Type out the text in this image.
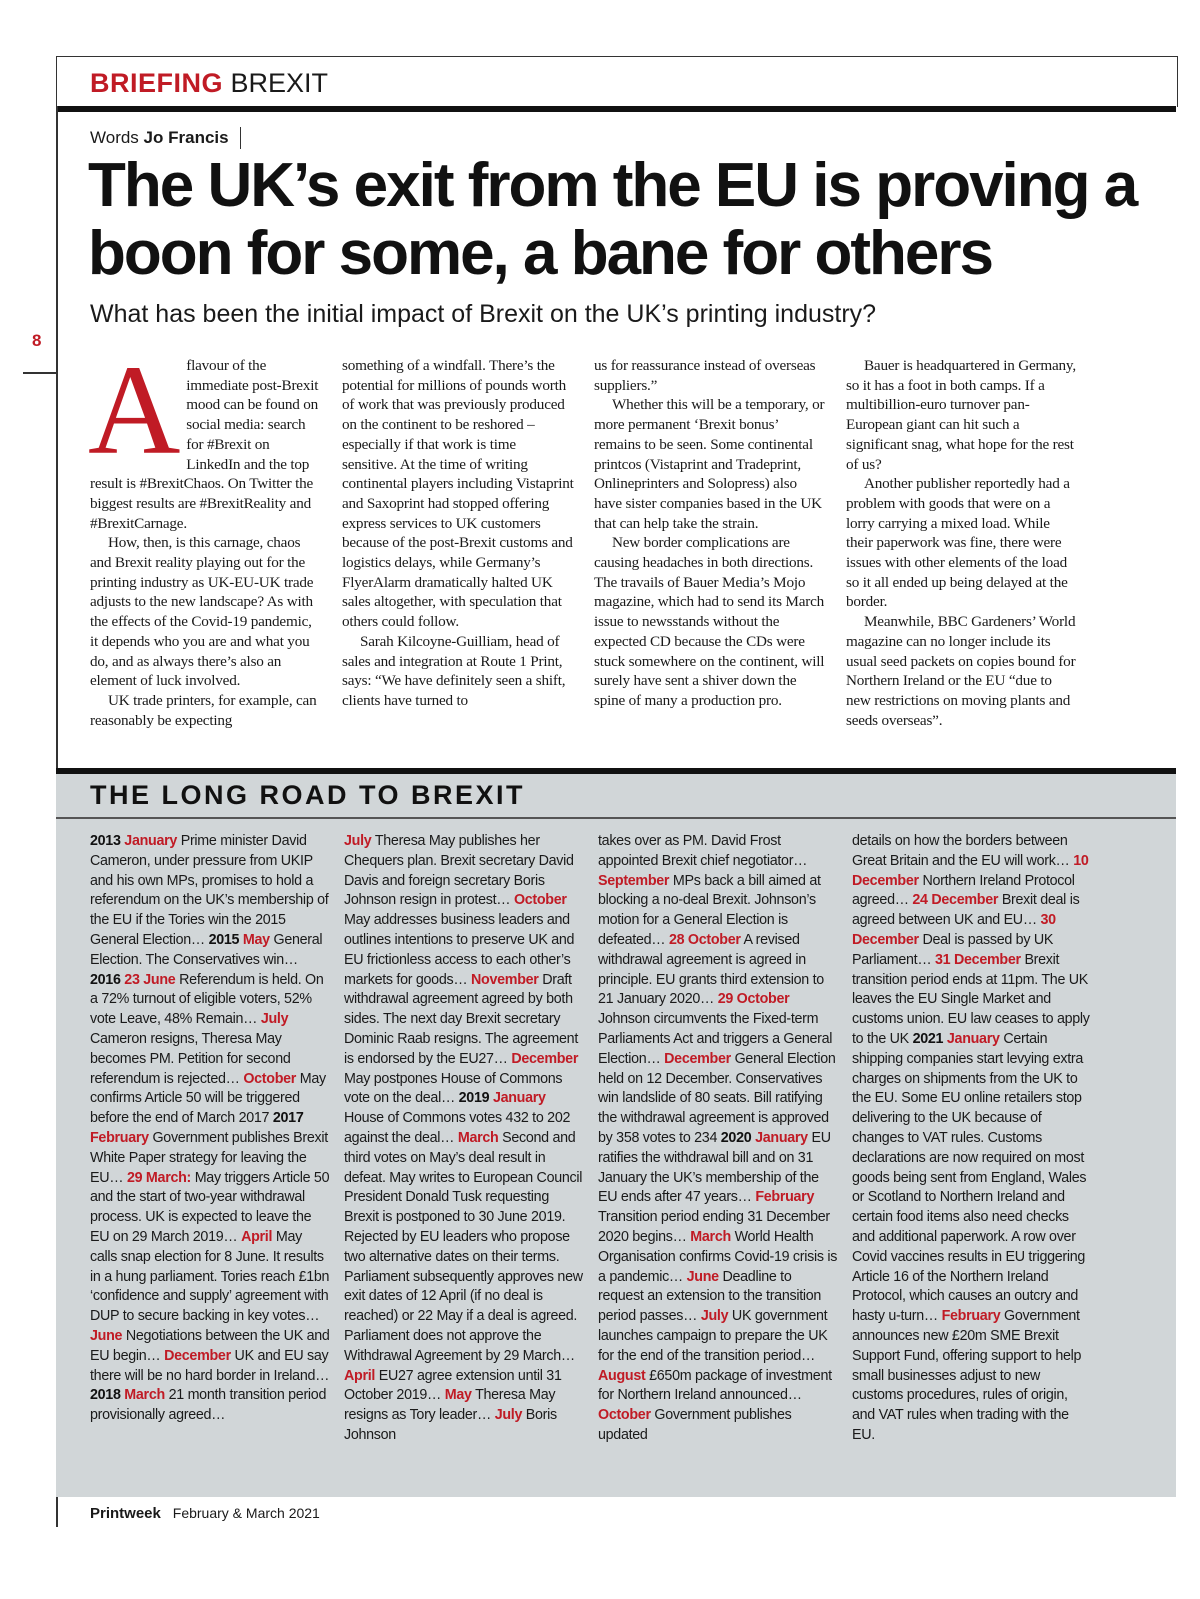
BRIEFING BREXIT
Words Jo Francis
The UK’s exit from the EU is proving a boon for some, a bane for others
What has been the initial impact of Brexit on the UK’s printing industry?
8 Aflavour of the immediate post-Brexit mood can be found on social media: search for #Brexit on LinkedIn and the top result is #BrexitChaos. On Twitter the biggest results are #BrexitReality and #BrexitCarnage.

How, then, is this carnage, chaos and Brexit reality playing out for the printing industry as UK-EU-UK trade adjusts to the new landscape? As with the effects of the Covid-19 pandemic, it depends who you are and what you do, and as always there’s also an element of luck involved.

UK trade printers, for example, can reasonably be expecting

something of a windfall. There’s the potential for millions of pounds worth of work that was previously produced on the continent to be reshored – especially if that work is time sensitive. At the time of writing continental players including Vistaprint and Saxoprint had stopped offering express services to UK customers because of the post-Brexit customs and logistics delays, while Germany’s FlyerAlarm dramatically halted UK sales altogether, with speculation that others could follow.

Sarah Kilcoyne-Guilliam, head of sales and integration at Route 1 Print, says: “We have definitely seen a shift, clients have turned to

us for reassurance instead of overseas suppliers.”

Whether this will be a temporary, or more permanent ‘Brexit bonus’ remains to be seen. Some continental printcos (Vistaprint and Tradeprint, Onlineprinters and Solopress) also have sister companies based in the UK that can help take the strain.

New border complications are causing headaches in both directions. The travails of Bauer Media’s Mojo magazine, which had to send its March issue to newsstands without the expected CD because the CDs were stuck somewhere on the continent, will surely have sent a shiver down the spine of many a production pro.

Bauer is headquartered in Germany, so it has a foot in both camps. If a multibillion-euro turnover pan-European giant can hit such a significant snag, what hope for the rest of us?

Another publisher reportedly had a problem with goods that were on a lorry carrying a mixed load. While their paperwork was fine, there were issues with other elements of the load so it all ended up being delayed at the border.

Meanwhile, BBC Gardeners’ World magazine can no longer include its usual seed packets on copies bound for Northern Ireland or the EU “due to new restrictions on moving plants and seeds overseas”.

THE LONG ROAD TO BREXIT
2013 January Prime minister David Cameron, under pressure from UKIP and his own MPs, promises to hold a referendum on the UK’s membership of the EU if the Tories win the 2015 General Election… 2015 May General Election. The Conservatives win… 2016 23 June Referendum is held. On a 72% turnout of eligible voters, 52% vote Leave, 48% Remain… July Cameron resigns, Theresa May becomes PM. Petition for second referendum is rejected… October May confirms Article 50 will be triggered before the end of March 2017 2017 February Government publishes Brexit White Paper strategy for leaving the EU… 29 March: May triggers Article 50 and the start of two-year withdrawal process. UK is expected to leave the EU on 29 March 2019… April May calls snap election for 8 June. It results in a hung parliament. Tories reach £1bn ‘confidence and supply’ agreement with DUP to secure backing in key votes… June Negotiations between the UK and EU begin… December UK and EU say there will be no hard border in Ireland… 2018 March 21 month transition period provisionally agreed…
July Theresa May publishes her Chequers plan. Brexit secretary David Davis and foreign secretary Boris Johnson resign in protest… October May addresses business leaders and outlines intentions to preserve UK and EU frictionless access to each other’s markets for goods… November Draft withdrawal agreement agreed by both sides. The next day Brexit secretary Dominic Raab resigns. The agreement is endorsed by the EU27… December May postpones House of Commons vote on the deal… 2019 January House of Commons votes 432 to 202 against the deal… March Second and third votes on May’s deal result in defeat. May writes to European Council President Donald Tusk requesting Brexit is postponed to 30 June 2019. Rejected by EU leaders who propose two alternative dates on their terms. Parliament subsequently approves new exit dates of 12 April (if no deal is reached) or 22 May if a deal is agreed. Parliament does not approve the Withdrawal Agreement by 29 March… April EU27 agree extension until 31 October 2019… May Theresa May resigns as Tory leader… July Boris Johnson
takes over as PM. David Frost appointed Brexit chief negotiator… September MPs back a bill aimed at blocking a no-deal Brexit. Johnson’s motion for a General Election is defeated… 28 October A revised withdrawal agreement is agreed in principle. EU grants third extension to 21 January 2020… 29 October Johnson circumvents the Fixed-term Parliaments Act and triggers a General Election… December General Election held on 12 December. Conservatives win landslide of 80 seats. Bill ratifying the withdrawal agreement is approved by 358 votes to 234 2020 January EU ratifies the withdrawal bill and on 31 January the UK’s membership of the EU ends after 47 years… February Transition period ending 31 December 2020 begins… March World Health Organisation confirms Covid-19 crisis is a pandemic… June Deadline to request an extension to the transition period passes… July UK government launches campaign to prepare the UK for the end of the transition period… August £650m package of investment for Northern Ireland announced… October Government publishes updated
details on how the borders between Great Britain and the EU will work… 10 December Northern Ireland Protocol agreed… 24 December Brexit deal is agreed between UK and EU… 30 December Deal is passed by UK Parliament… 31 December Brexit transition period ends at 11pm. The UK leaves the EU Single Market and customs union. EU law ceases to apply to the UK 2021 January Certain shipping companies start levying extra charges on shipments from the UK to the EU. Some EU online retailers stop delivering to the UK because of changes to VAT rules. Customs declarations are now required on most goods being sent from England, Wales or Scotland to Northern Ireland and certain food items also need checks and additional paperwork. A row over Covid vaccines results in EU triggering Article 16 of the Northern Ireland Protocol, which causes an outcry and hasty u-turn… February Government announces new £20m SME Brexit Support Fund, offering support to help small businesses adjust to new customs procedures, rules of origin, and VAT rules when trading with the EU.
Printweek February & March 2021
